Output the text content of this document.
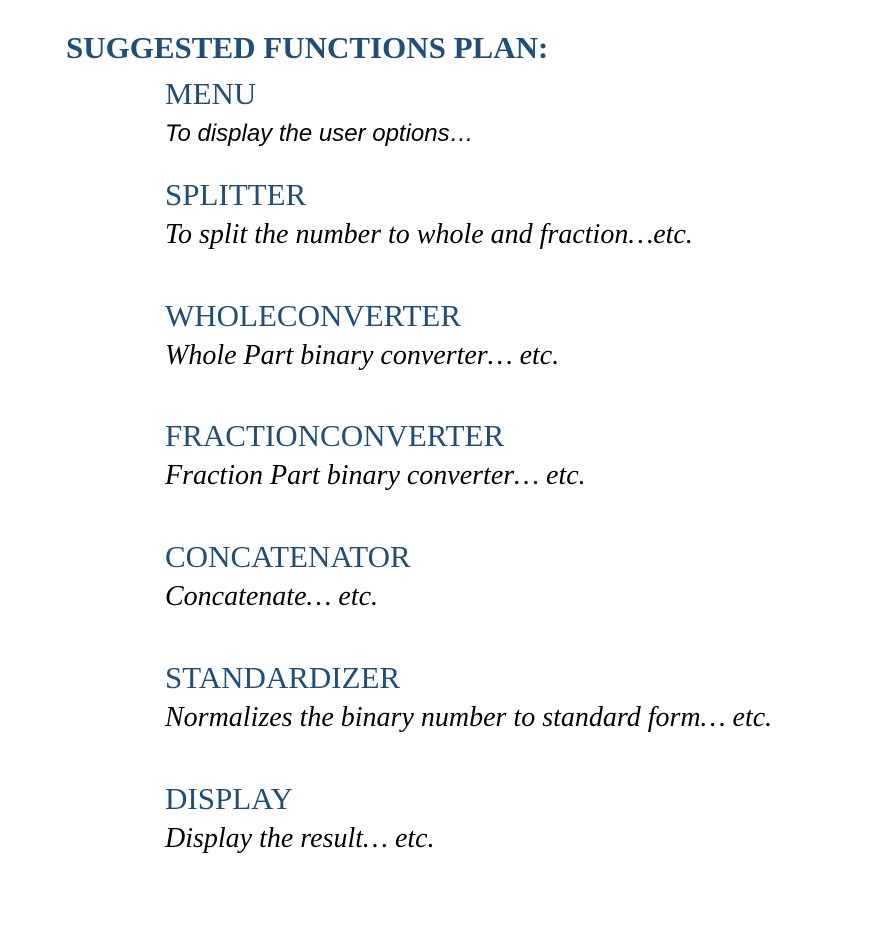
SUGGESTED FUNCTIONS PLAN:
MENU
To display the user options…
SPLITTER
To split the number to whole and fraction…etc.
WHOLECONVERTER
Whole Part binary converter… etc.
FRACTIONCONVERTER
Fraction Part binary converter… etc.
CONCATENATOR
Concatenate… etc.
STANDARDIZER
Normalizes the binary number to standard form… etc.
DISPLAY
Display the result… etc.
